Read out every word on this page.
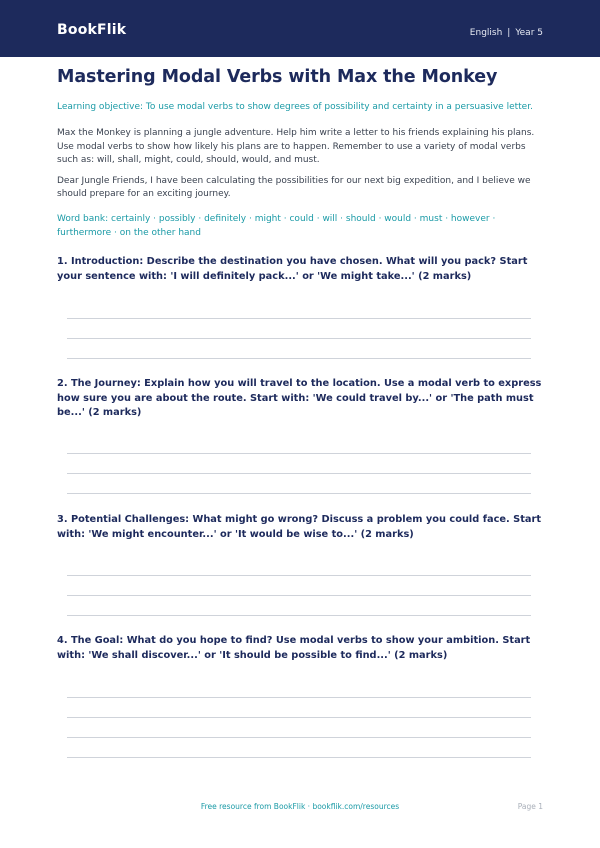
BookFlik	English | Year 5
Mastering Modal Verbs with Max the Monkey
Learning objective: To use modal verbs to show degrees of possibility and certainty in a persuasive letter.
Max the Monkey is planning a jungle adventure. Help him write a letter to his friends explaining his plans. Use modal verbs to show how likely his plans are to happen. Remember to use a variety of modal verbs such as: will, shall, might, could, should, would, and must.
Dear Jungle Friends, I have been calculating the possibilities for our next big expedition, and I believe we should prepare for an exciting journey.
Word bank: certainly · possibly · definitely · might · could · will · should · would · must · however · furthermore · on the other hand
1. Introduction: Describe the destination you have chosen. What will you pack? Start your sentence with: 'I will definitely pack...' or 'We might take...' (2 marks)
2. The Journey: Explain how you will travel to the location. Use a modal verb to express how sure you are about the route. Start with: 'We could travel by...' or 'The path must be...' (2 marks)
3. Potential Challenges: What might go wrong? Discuss a problem you could face. Start with: 'We might encounter...' or 'It would be wise to...' (2 marks)
4. The Goal: What do you hope to find? Use modal verbs to show your ambition. Start with: 'We shall discover...' or 'It should be possible to find...' (2 marks)
Free resource from BookFlik · bookflik.com/resources	Page 1
